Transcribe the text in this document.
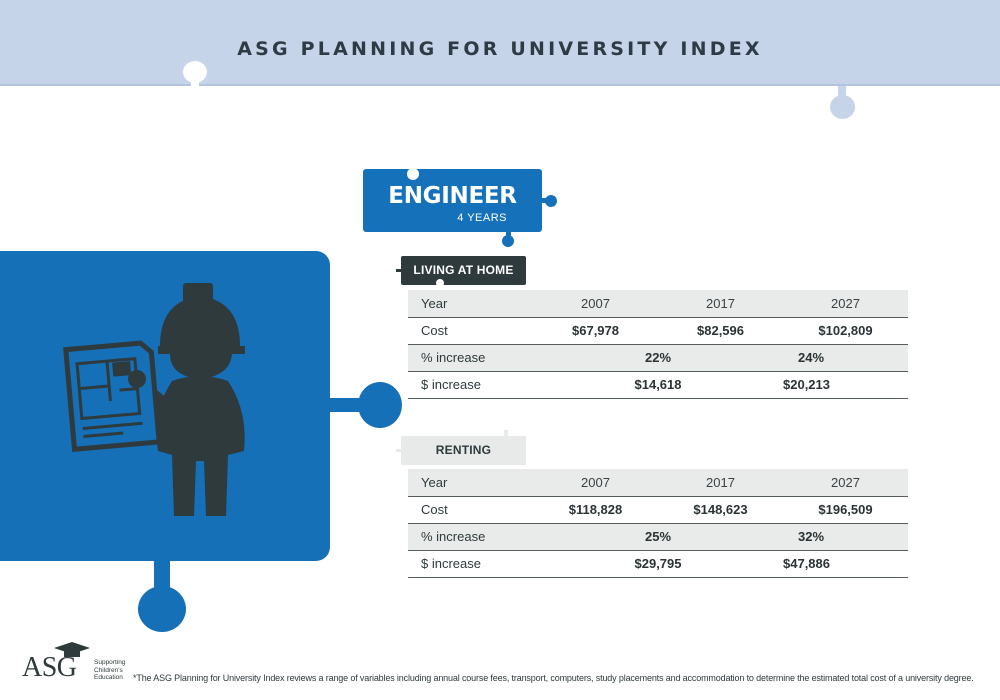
ASG PLANNING FOR UNIVERSITY INDEX
ENGINEER
4 YEARS
LIVING AT HOME
Year	2007	2017	2027
Cost	$67,978	$82,596	$102,809
% increase	22%		24%
$ increase	$14,618		$20,213
RENTING
Year	2007	2017	2027
Cost	$118,828	$148,623	$196,509
% increase	25%		32%
$ increase	$29,795		$47,886
ASG	Supporting Children's Education	*The ASG Planning for University Index reviews a range of variables including annual course fees, transport, computers, study placements and accommodation to determine the estimated total cost of a university degree.
